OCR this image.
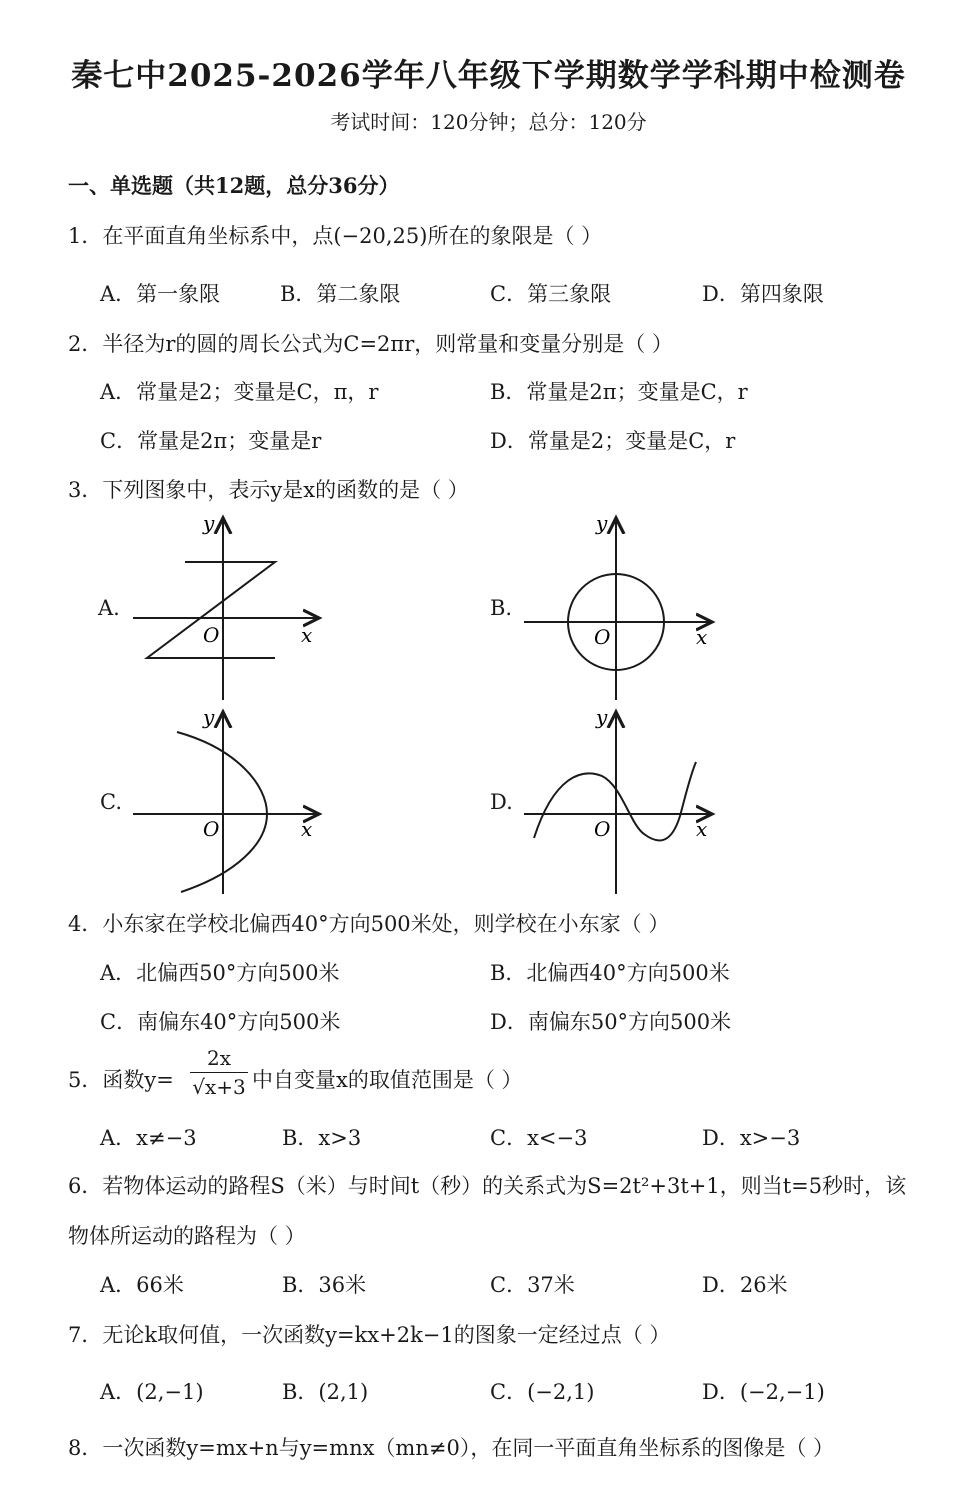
秦七中2025-2026学年八年级下学期数学学科期中检测卷
考试时间：120分钟；总分：120分
一、单选题（共12题，总分36分）
1．在平面直角坐标系中，点(−20,25)所在的象限是（ ）
A．第一象限	B．第二象限	C．第三象限	D．第四象限
2．半径为r的圆的周长公式为C=2πr，则常量和变量分别是（ ）
A．常量是2；变量是C，π，r	B．常量是2π；变量是C，r
C．常量是2π；变量是r	D．常量是2；变量是C，r
3．下列图象中，表示y是x的函数的是（ ）
A.	B.
C.	D.
y
O	x
y
O	x
y
O	x
y
O	x
4．小东家在学校北偏西40°方向500米处，则学校在小东家（ ）
A．北偏西50°方向500米	B．北偏西40°方向500米
C．南偏东40°方向500米	D．南偏东50°方向500米
5．函数$y= \frac{2x}{√x+3}$ 中自变量x的取值范围是（ ）
A．x≠−3	B．x>3	C．x<−3	D．x>−3
6．若物体运动的路程S（米）与时间t（秒）的关系式为S=2t²+3t+1，则当t=5秒时，该
物体所运动的路程为（ ）
A．66米	B．36米	C．37米	D．26米
7．无论k取何值，一次函数y=kx+2k−1的图象一定经过点（ ）
A．(2,−1)	B．(2,1)	C．(−2,1)	D．(−2,−1)
8．一次函数y=mx+n与y=mnx（mn≠0），在同一平面直角坐标系的图像是（ ）
